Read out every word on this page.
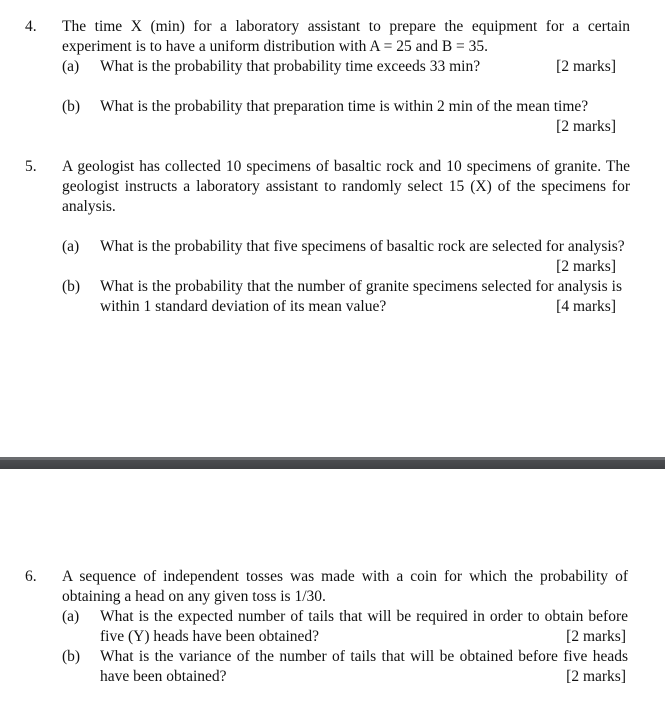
4. The time X (min) for a laboratory assistant to prepare the equipment for a certain experiment is to have a uniform distribution with A = 25 and B = 35.
(a) What is the probability that probability time exceeds 33 min?	[2 marks]
(b) What is the probability that preparation time is within 2 min of the mean time?
[2 marks]
5. A geologist has collected 10 specimens of basaltic rock and 10 specimens of granite. The geologist instructs a laboratory assistant to randomly select 15 (X) of the specimens for analysis.
(a) What is the probability that five specimens of basaltic rock are selected for analysis?
[2 marks]
(b) What is the probability that the number of granite specimens selected for analysis is within 1 standard deviation of its mean value?	[4 marks]
6. A sequence of independent tosses was made with a coin for which the probability of obtaining a head on any given toss is 1/30.
(a) What is the expected number of tails that will be required in order to obtain before five (Y) heads have been obtained?	[2 marks]
(b) What is the variance of the number of tails that will be obtained before five heads have been obtained?	[2 marks]
